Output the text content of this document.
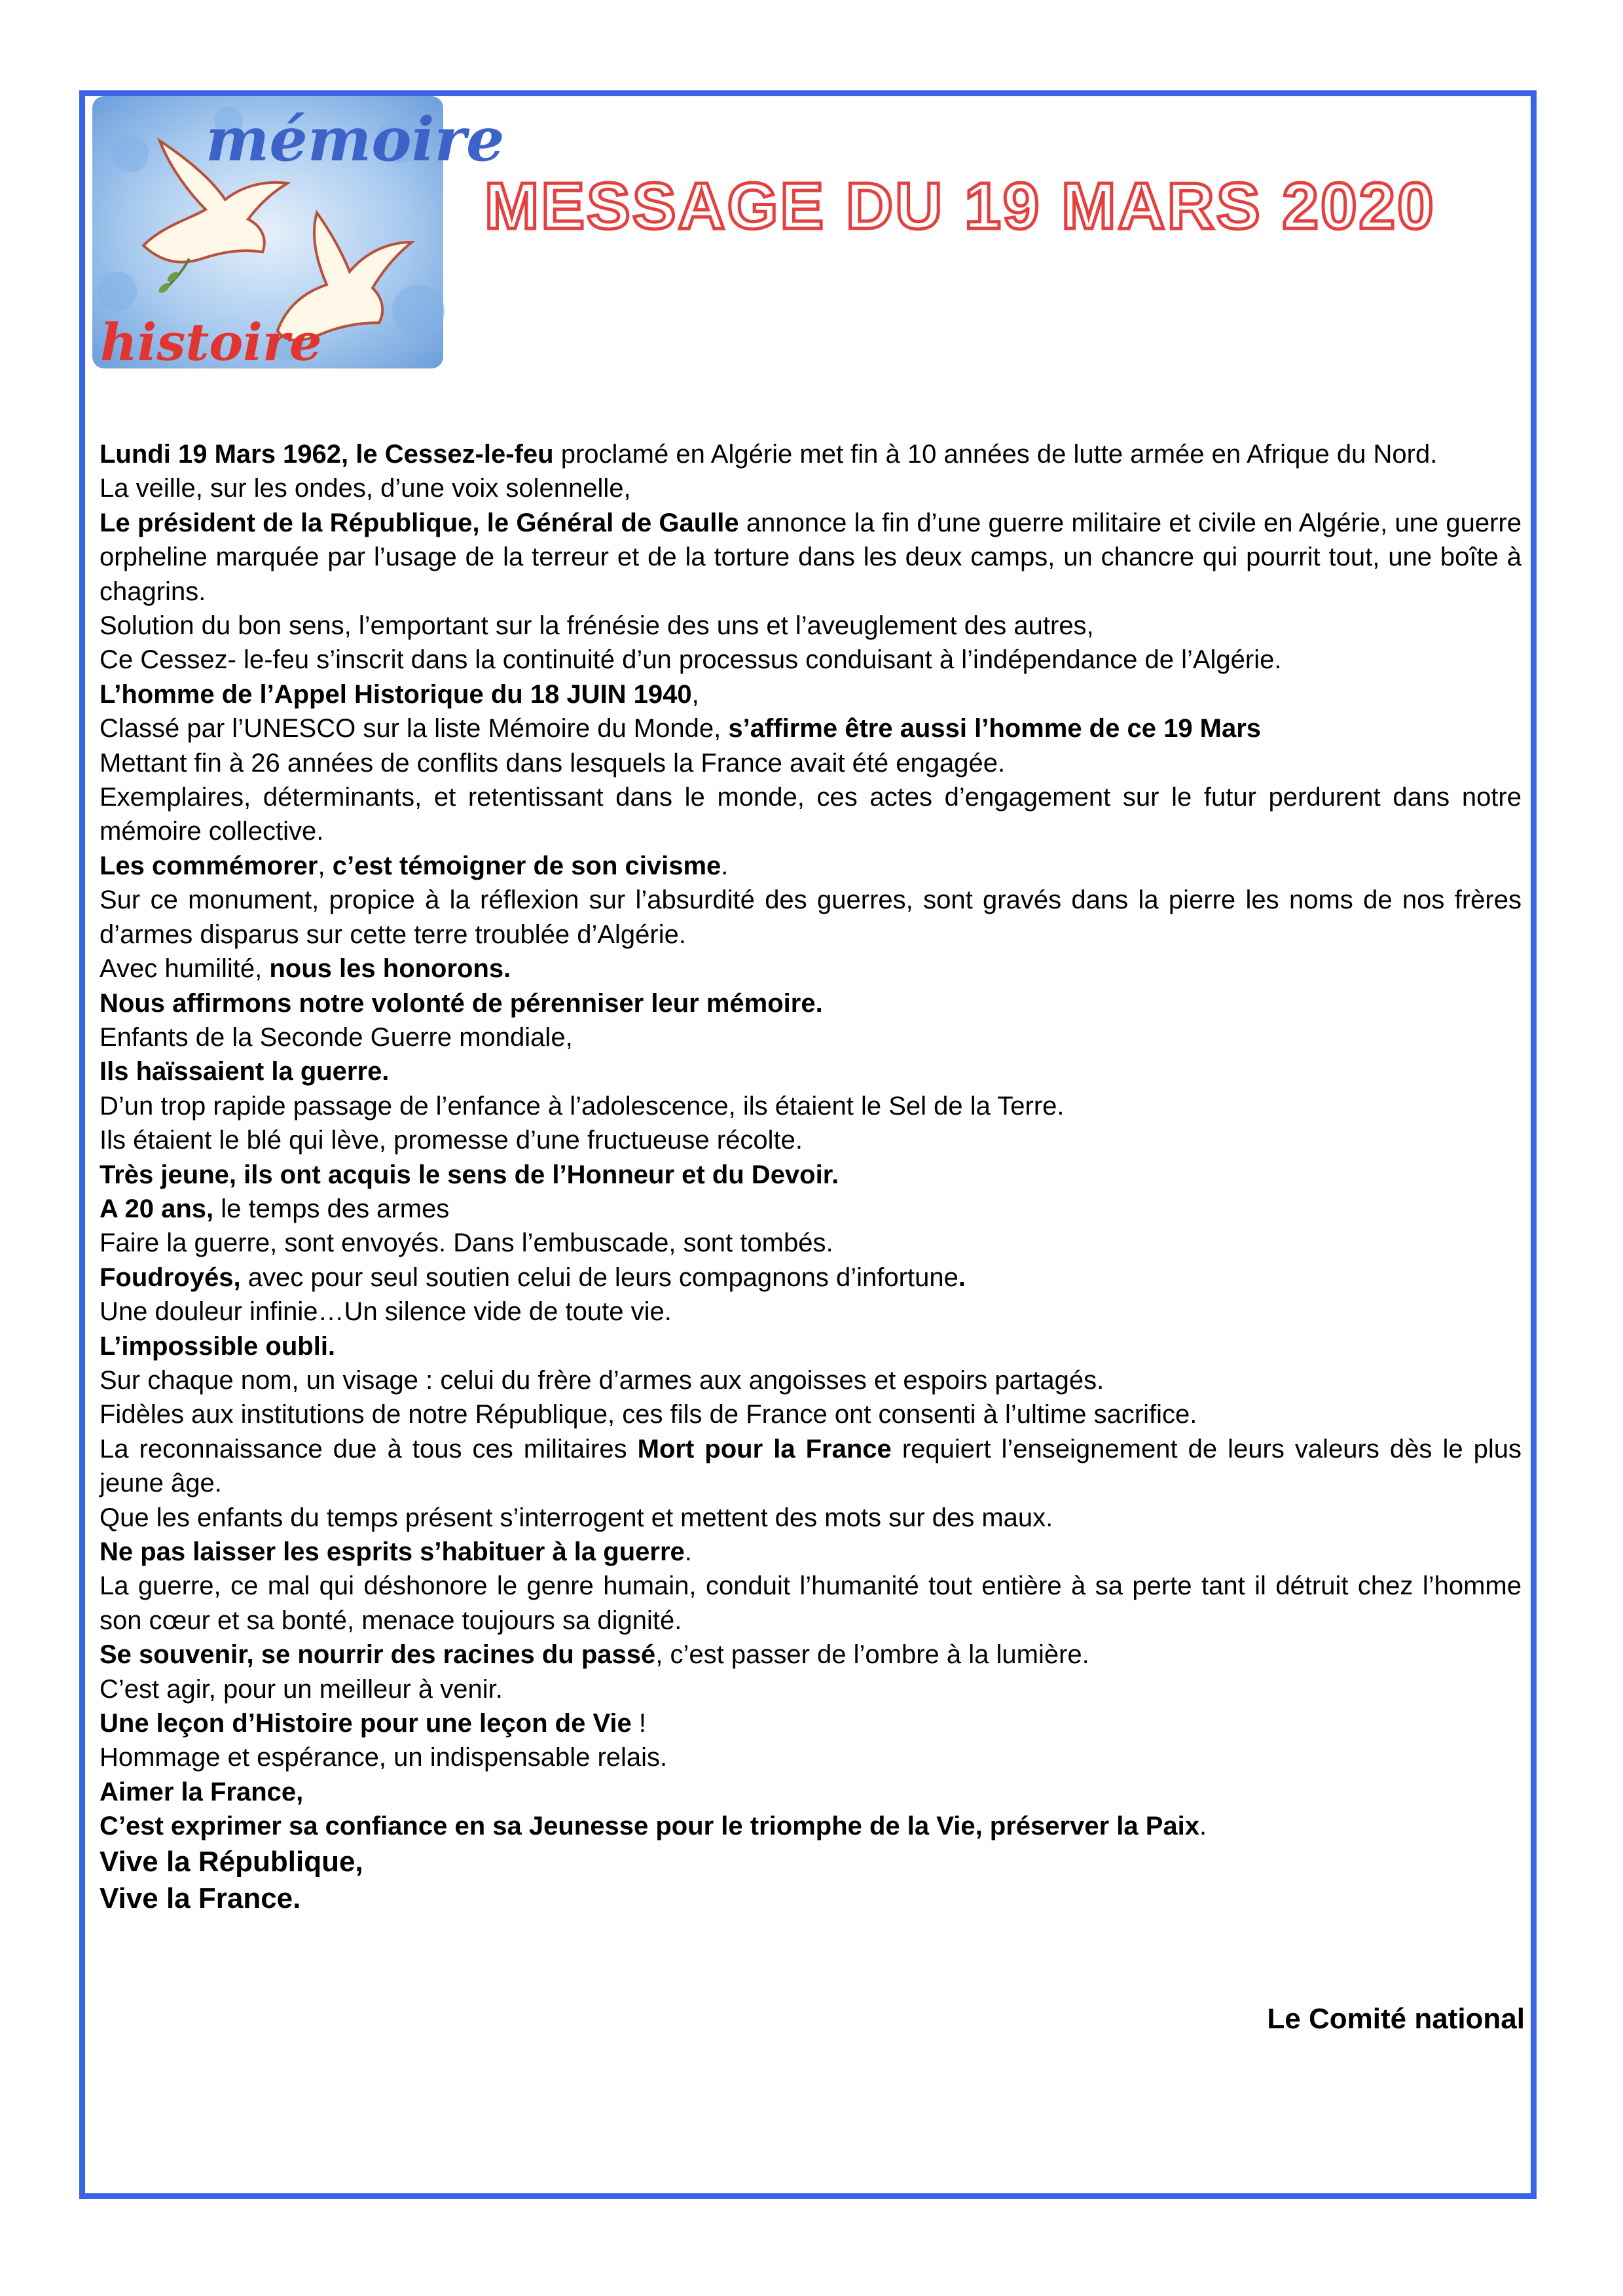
mémoire
histoire
MESSAGE DU 19 MARS 2020

Lundi 19 Mars 1962, le Cessez-le-feu proclamé en Algérie met fin à 10 années de lutte armée en Afrique du Nord.

La veille, sur les ondes, d’une voix solennelle,

Le président de la République, le Général de Gaulle annonce la fin d’une guerre militaire et civile en Algérie, une guerre orpheline marquée par l’usage de la terreur et de la torture dans les deux camps, un chancre qui pourrit tout, une boîte à chagrins.

Solution du bon sens, l’emportant sur la frénésie des uns et l’aveuglement des autres,

Ce Cessez- le-feu s’inscrit dans la continuité d’un processus conduisant à l’indépendance de l’Algérie.

L’homme de l’Appel Historique du 18 JUIN 1940,

Classé par l’UNESCO sur la liste Mémoire du Monde, s’affirme être aussi l’homme de ce 19 Mars

Mettant fin à 26 années de conflits dans lesquels la France avait été engagée.

Exemplaires, déterminants, et retentissant dans le monde, ces actes d’engagement sur le futur perdurent dans notre mémoire collective.

Les commémorer, c’est témoigner de son civisme.

Sur ce monument, propice à la réflexion sur l’absurdité des guerres, sont gravés dans la pierre les noms de nos frères d’armes disparus sur cette terre troublée d’Algérie.

Avec humilité, nous les honorons.

Nous affirmons notre volonté de pérenniser leur mémoire.

Enfants de la Seconde Guerre mondiale,

Ils haïssaient la guerre.

D’un trop rapide passage de l’enfance à l’adolescence, ils étaient le Sel de la Terre.

Ils étaient le blé qui lève, promesse d’une fructueuse récolte.

Très jeune, ils ont acquis le sens de l’Honneur et du Devoir.

A 20 ans, le temps des armes

Faire la guerre, sont envoyés. Dans l’embuscade, sont tombés.

Foudroyés, avec pour seul soutien celui de leurs compagnons d’infortune.

Une douleur infinie…Un silence vide de toute vie.

L’impossible oubli.

Sur chaque nom, un visage : celui du frère d’armes aux angoisses et espoirs partagés.

Fidèles aux institutions de notre République, ces fils de France ont consenti à l’ultime sacrifice.

La reconnaissance due à tous ces militaires Mort pour la France requiert l’enseignement de leurs valeurs dès le plus jeune âge.

Que les enfants du temps présent s’interrogent et mettent des mots sur des maux.

Ne pas laisser les esprits s’habituer à la guerre.

La guerre, ce mal qui déshonore le genre humain, conduit l’humanité tout entière à sa perte tant il détruit chez l’homme son cœur et sa bonté, menace toujours sa dignité.

Se souvenir, se nourrir des racines du passé, c’est passer de l’ombre à la lumière.

C’est agir, pour un meilleur à venir.

Une leçon d’Histoire pour une leçon de Vie !

Hommage et espérance, un indispensable relais.

Aimer la France,

C’est exprimer sa confiance en sa Jeunesse pour le triomphe de la Vie, préserver la Paix.

Vive la République,

Vive la France.

Le Comité national
